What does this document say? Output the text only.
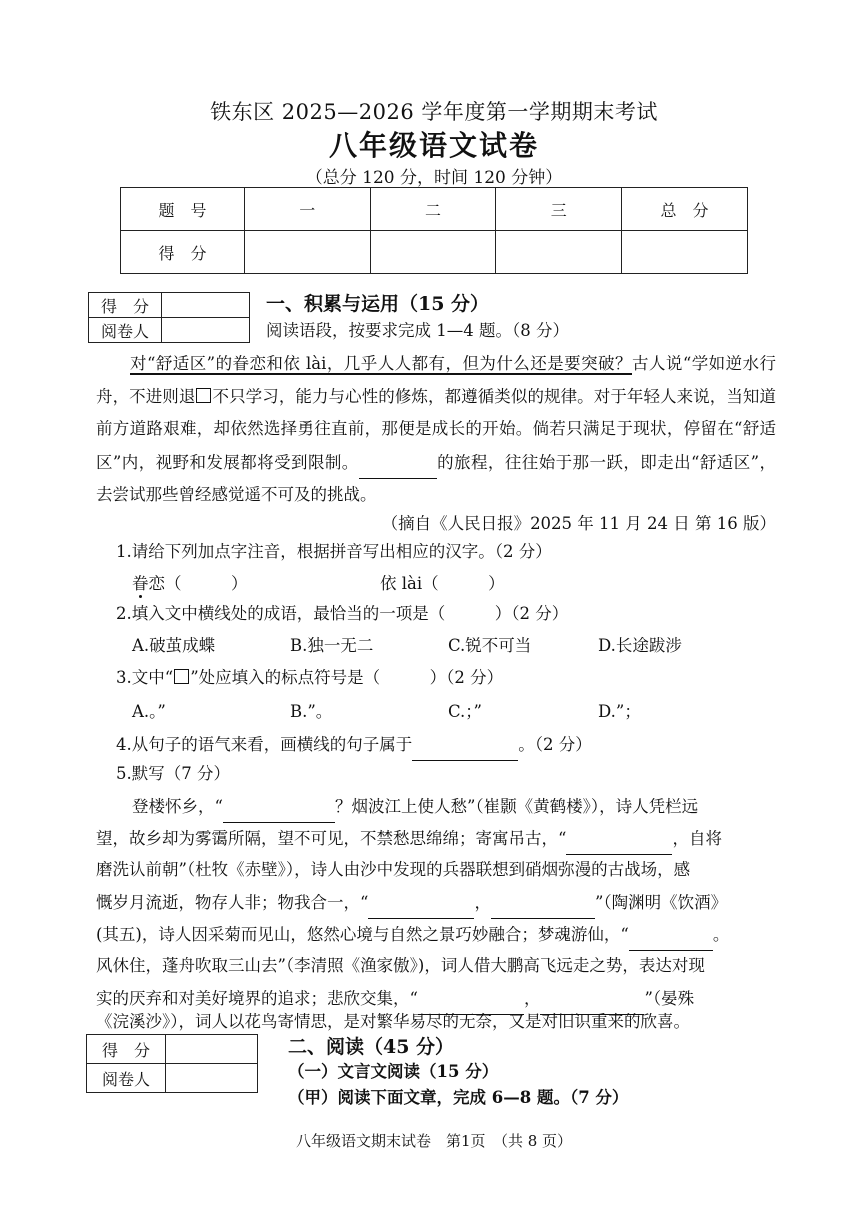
铁东区 2025—2026 学年度第一学期期末考试
八年级语文试卷
（总分 120 分，时间 120 分钟）
题　号	一	二	三	总　分
得　分				
得　分	
阅卷人	
一、积累与运用（15 分）
阅读语段，按要求完成 1—4 题。（8 分）
对“舒适区”的眷恋和依 lài，几乎人人都有，但为什么还是要突破？古人说“学如逆水行舟，不进则退 不只学习，能力与心性的修炼，都遵循类似的规律。对于年轻人来说，当知道前方道路艰难，却依然选择勇往直前，那便是成长的开始。倘若只满足于现状，停留在“舒适区”内，视野和发展都将受到限制。	的旅程，往往始于那一跃，即走出“舒适区”，去尝试那些曾经感觉遥不可及的挑战。
（摘自《人民日报》2025 年 11 月 24 日 第 16 版）
1.请给下列加点字注音，根据拼音写出相应的汉字。（2 分）
眷恋（　　　）	依 lài（　　　）
2.填入文中横线处的成语，最恰当的一项是（　　　）（2 分）
A.破茧成蝶	B.独一无二	C.锐不可当	D.长途跋涉
3.文中“ ”处应填入的标点符号是（　　　）（2 分）
A.。”	B.”。	C.；”	D.”；
4.从句子的语气来看，画横线的句子属于	。（2 分）
5.默写（7 分）
登楼怀乡，“	？烟波江上使人愁”（崔颢《黄鹤楼》），诗人凭栏远
望，故乡却为雾霭所隔，望不可见，不禁愁思绵绵；寄寓吊古，“	，自将
磨洗认前朝”（杜牧《赤壁》），诗人由沙中发现的兵器联想到硝烟弥漫的古战场，感
慨岁月流逝，物存人非；物我合一，“	，	”（陶渊明《饮酒》
(其五)，诗人因采菊而见山，悠然心境与自然之景巧妙融合；梦魂游仙，“	。
风休住，蓬舟吹取三山去”（李清照《渔家傲》)，词人借大鹏高飞远走之势，表达对现
实的厌弃和对美好境界的追求；悲欣交集，“	，	”（晏殊
《浣溪沙》），词人以花鸟寄情思，是对繁华易尽的无奈，又是对旧识重来的欣喜。
得　分	
阅卷人	
二、阅读（45 分）
（一）文言文阅读（15 分）
（甲）阅读下面文章，完成 6—8 题。（7 分）
八年级语文期末试卷　第1页　（共 8 页）
